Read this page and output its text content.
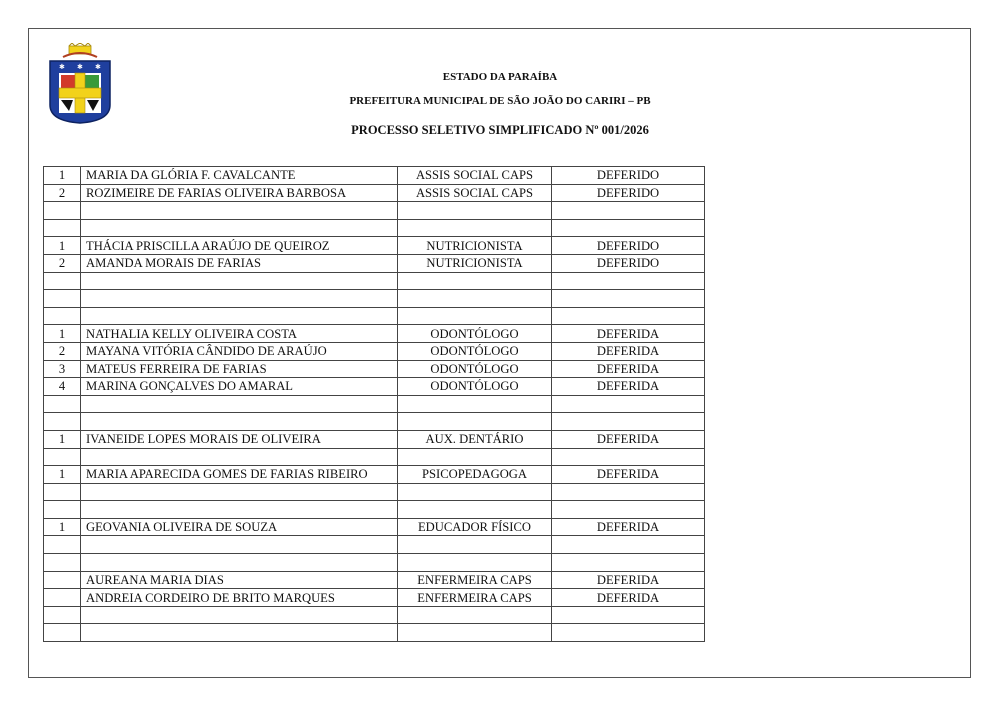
✱ ✱ ✱
ESTADO DA PARAÍBA
PREFEITURA MUNICIPAL DE SÃO JOÃO DO CARIRI – PB
PROCESSO SELETIVO SIMPLIFICADO Nº 001/2026
1	MARIA DA GLÓRIA F. CAVALCANTE	ASSIS SOCIAL CAPS	DEFERIDO
2	ROZIMEIRE DE FARIAS OLIVEIRA BARBOSA	ASSIS SOCIAL CAPS	DEFERIDO

1	THÁCIA PRISCILLA ARAÚJO DE QUEIROZ	NUTRICIONISTA	DEFERIDO
2	AMANDA MORAIS DE FARIAS	NUTRICIONISTA	DEFERIDO

1	NATHALIA KELLY OLIVEIRA COSTA	ODONTÓLOGO	DEFERIDA
2	MAYANA VITÓRIA CÂNDIDO DE ARAÚJO	ODONTÓLOGO	DEFERIDA
3	MATEUS FERREIRA DE FARIAS	ODONTÓLOGO	DEFERIDA
4	MARINA GONÇALVES DO AMARAL	ODONTÓLOGO	DEFERIDA

1	IVANEIDE LOPES MORAIS DE OLIVEIRA	AUX. DENTÁRIO	DEFERIDA

1	MARIA APARECIDA GOMES DE FARIAS RIBEIRO	PSICOPEDAGOGA	DEFERIDA

1	GEOVANIA OLIVEIRA DE SOUZA	EDUCADOR FÍSICO	DEFERIDA

	AUREANA MARIA DIAS	ENFERMEIRA CAPS	DEFERIDA
	ANDREIA CORDEIRO DE BRITO MARQUES	ENFERMEIRA CAPS	DEFERIDA
